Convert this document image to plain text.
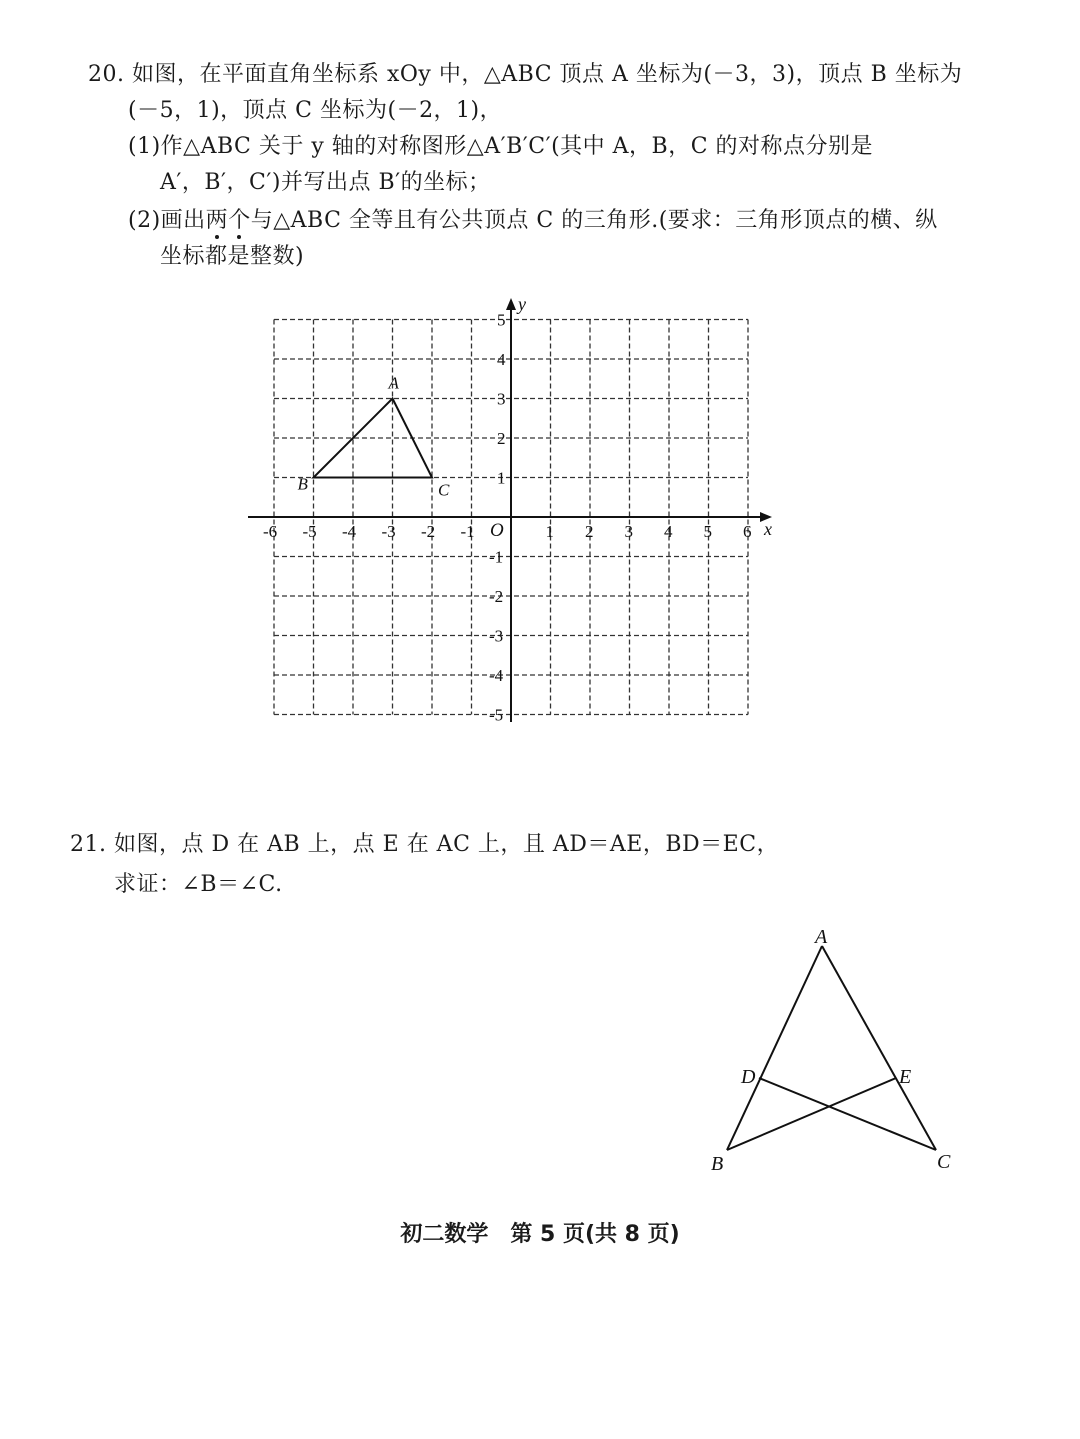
20. 如图，在平面直角坐标系 xOy 中，△ABC 顶点 A 坐标为(－3，3)，顶点 B 坐标为
(－5，1)，顶点 C 坐标为(－2，1)，
(1)作△ABC 关于 y 轴的对称图形△A′B′C′(其中 A，B，C 的对称点分别是
A′，B′，C′)并写出点 B′的坐标；
(2)画出两个与△ABC 全等且有公共顶点 C 的三角形.(要求：三角形顶点的横、纵
坐标都是整数)
x
y
O
-6 -5 -4 -3 -2 -1	1 2 3 4 5 6
5
4
3
2
1
-1
-2
-3
-4
-5
A
B	C
A
D	E
B	C
21. 如图，点 D 在 AB 上，点 E 在 AC 上，且 AD＝AE，BD＝EC，
求证：∠B＝∠C.
初二数学　第 5 页(共 8 页)
